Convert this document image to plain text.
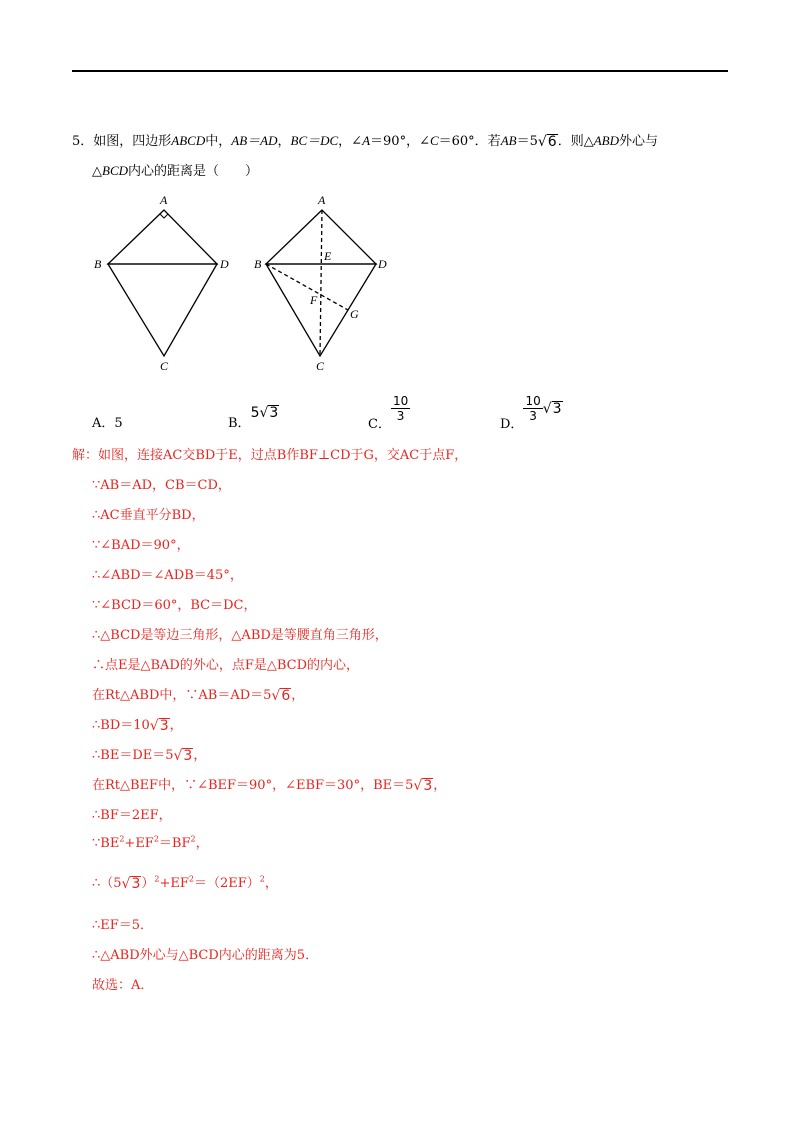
5．如图，四边形ABCD中，AB＝AD，BC＝DC，∠A＝90°，∠C＝60°．若AB＝5√6．则△ABD外心与
△BCD内心的距离是（　　）
A
B	D
C
A
B
E
D
F
G
C
A．5	B．5√3
C．
$\frac{10}{3}$
D．
$\frac{10}{3} √3$
解：如图，连接AC交BD于E，过点B作BF⊥CD于G，交AC于点F，
∵AB＝AD，CB＝CD，
∴AC垂直平分BD，
∵∠BAD＝90°，
∴∠ABD＝∠ADB＝45°，
∵∠BCD＝60°，BC＝DC，
∴△BCD是等边三角形，△ABD是等腰直角三角形，
∴点E是△BAD的外心，点F是△BCD的内心，
在Rt△ABD中，∵AB＝AD＝5√6，
∴BD＝10√3，
∴BE＝DE＝5√3，
在Rt△BEF中，∵∠BEF＝90°，∠EBF＝30°，BE＝5√3，
∴BF＝2EF，
$\because BE^2+EF^2=BF^2$，
$\therefore(5√3)^2+EF^2=(2EF)^2$，
∴EF＝5．
∴△ABD外心与△BCD内心的距离为5．
故选：A．
